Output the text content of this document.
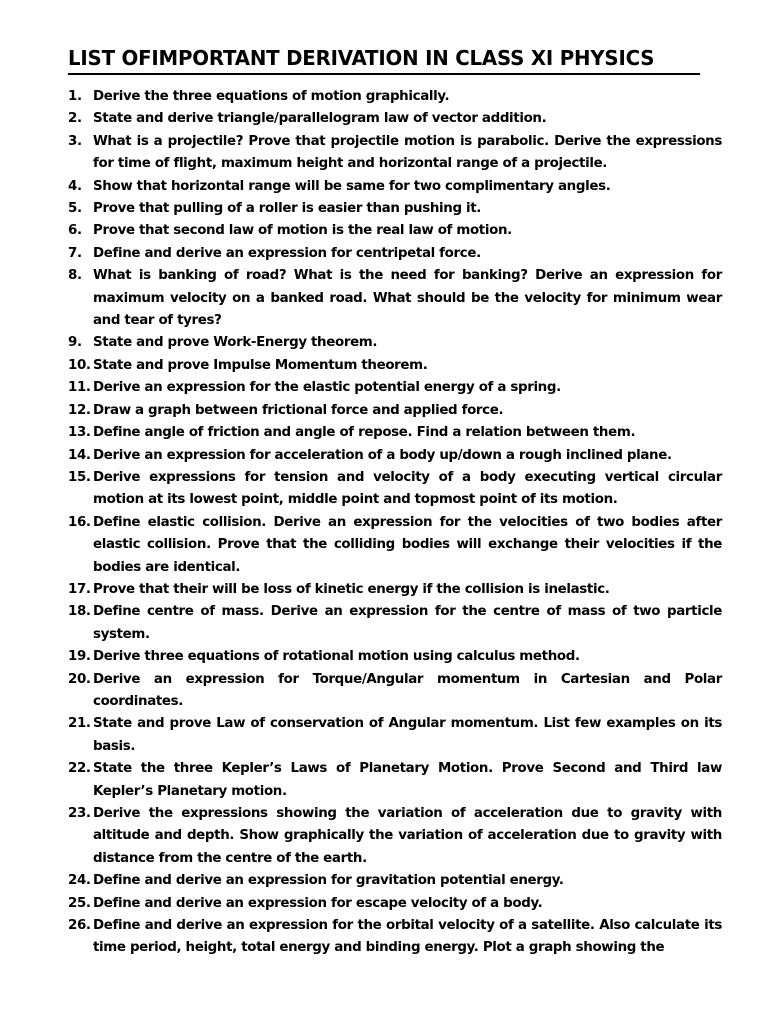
LIST OFIMPORTANT DERIVATION IN CLASS XI PHYSICS
1. Derive the three equations of motion graphically.
2. State and derive triangle/parallelogram law of vector addition.
3. What is a projectile? Prove that projectile motion is parabolic. Derive the expressions for time of flight, maximum height and horizontal range of a projectile.
4. Show that horizontal range will be same for two complimentary angles.
5. Prove that pulling of a roller is easier than pushing it.
6. Prove that second law of motion is the real law of motion.
7. Define and derive an expression for centripetal force.
8. What is banking of road? What is the need for banking? Derive an expression for maximum velocity on a banked road. What should be the velocity for minimum wear and tear of tyres?
9. State and prove Work-Energy theorem.
10. State and prove Impulse Momentum theorem.
11. Derive an expression for the elastic potential energy of a spring.
12. Draw a graph between frictional force and applied force.
13. Define angle of friction and angle of repose. Find a relation between them.
14. Derive an expression for acceleration of a body up/down a rough inclined plane.
15. Derive expressions for tension and velocity of a body executing vertical circular motion at its lowest point, middle point and topmost point of its motion.
16. Define elastic collision. Derive an expression for the velocities of two bodies after elastic collision. Prove that the colliding bodies will exchange their velocities if the bodies are identical.
17. Prove that their will be loss of kinetic energy if the collision is inelastic.
18. Define centre of mass. Derive an expression for the centre of mass of two particle system.
19. Derive three equations of rotational motion using calculus method.
20. Derive an expression for Torque/Angular momentum in Cartesian and Polar coordinates.
21. State and prove Law of conservation of Angular momentum. List few examples on its basis.
22. State the three Kepler’s Laws of Planetary Motion. Prove Second and Third law Kepler’s Planetary motion.
23. Derive the expressions showing the variation of acceleration due to gravity with altitude and depth. Show graphically the variation of acceleration due to gravity with distance from the centre of the earth.
24. Define and derive an expression for gravitation potential energy.
25. Define and derive an expression for escape velocity of a body.
26. Define and derive an expression for the orbital velocity of a satellite. Also calculate its time period, height, total energy and binding energy. Plot a graph showing the
